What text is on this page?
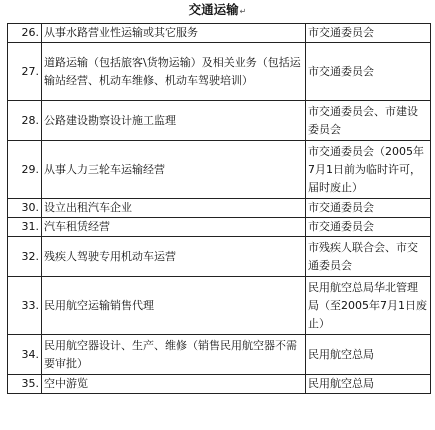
交通运输↵
26.	从事水路营业性运输或其它服务	市交通委员会
27.	道路运输（包括旅客\货物运输）及相关业务（包括运输站经营、机动车维修、机动车驾驶培训）	市交通委员会
28.	公路建设勘察设计施工监理	市交通委员会、市建设委员会
29.	从事人力三轮车运输经营	市交通委员会（2005年7月1日前为临时许可，届时废止）
30.	设立出租汽车企业	市交通委员会
31.	汽车租赁经营	市交通委员会
32.	残疾人驾驶专用机动车运营	市残疾人联合会、市交通委员会
33.	民用航空运输销售代理	民用航空总局华北管理局（至2005年7月1日废止）
34.	民用航空器设计、生产、维修（销售民用航空器不需要审批）	民用航空总局
35.	空中游览	民用航空总局
